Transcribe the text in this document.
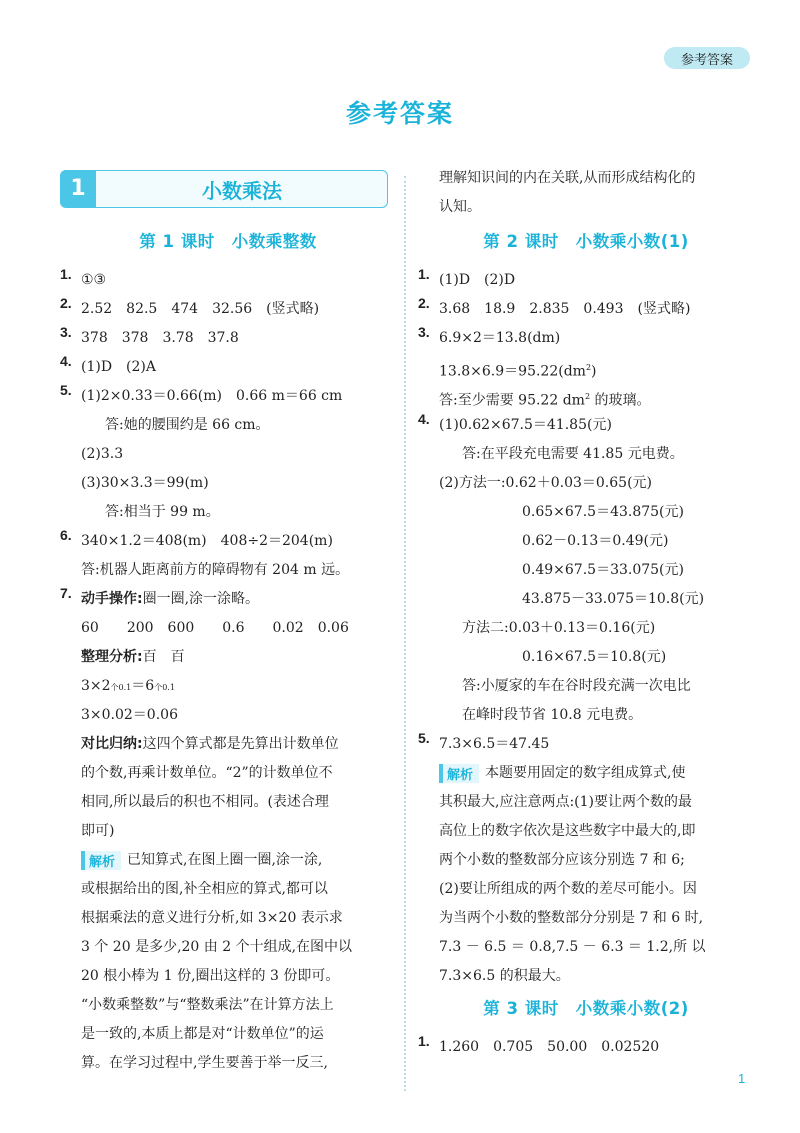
参考答案
参考答案
1	小数乘法
第 1 课时　小数乘整数
1. ①③
2. 2.52　82.5　474　32.56　(竖式略)
3. 378　378　3.78　37.8
4. (1)D　(2)A
5. (1)2×0.33＝0.66(m)　0.66 m＝66 cm
答:她的腰围约是 66 cm。
(2)3.3
(3)30×3.3＝99(m)
答:相当于 99 m。
6. 340×1.2＝408(m)　408÷2＝204(m)
答:机器人距离前方的障碍物有 204 m 远。
7. 动手操作:圈一圈,涂一涂略。
60　　200　600　　0.6　　0.02　0.06
整理分析:百　百
3×2个0.1＝6个0.1
3×0.02＝0.06
对比归纳:这四个算式都是先算出计数单位
的个数,再乘计数单位。“2”的计数单位不
相同,所以最后的积也不相同。(表述合理
即可)
解析 已知算式,在图上圈一圈,涂一涂,
或根据给出的图,补全相应的算式,都可以
根据乘法的意义进行分析,如 3×20 表示求
3 个 20 是多少,20 由 2 个十组成,在图中以
20 根小棒为 1 份,圈出这样的 3 份即可。
“小数乘整数”与“整数乘法”在计算方法上
是一致的,本质上都是对“计数单位”的运
算。在学习过程中,学生要善于举一反三,
理解知识间的内在关联,从而形成结构化的
认知。
第 2 课时　小数乘小数(1)
1. (1)D　(2)D
2. 3.68　18.9　2.835　0.493　(竖式略)
3. 6.9×2＝13.8(dm)
$13.8\times 6.9=95.22(dm^2)$
答:至少需要 95.22 $dm^2$ 的玻璃。
4. (1)0.62×67.5＝41.85(元)
答:在平段充电需要 41.85 元电费。
(2)方法一:0.62＋0.03＝0.65(元)
0.65×67.5＝43.875(元)
0.62－0.13＝0.49(元)
0.49×67.5＝33.075(元)
43.875－33.075＝10.8(元)
方法二:0.03＋0.13＝0.16(元)
0.16×67.5＝10.8(元)
答:小厦家的车在谷时段充满一次电比
在峰时段节省 10.8 元电费。
5. 7.3×6.5＝47.45
解析 本题要用固定的数字组成算式,使
其积最大,应注意两点:(1)要让两个数的最
高位上的数字依次是这些数字中最大的,即
两个小数的整数部分应该分别选 7 和 6;
(2)要让所组成的两个数的差尽可能小。因
为当两个小数的整数部分分别是 7 和 6 时,
7.3 － 6.5 ＝ 0.8,7.5 － 6.3 ＝ 1.2,所 以
7.3×6.5 的积最大。
第 3 课时　小数乘小数(2)
1. 1.260　0.705　50.00　0.02520
1
